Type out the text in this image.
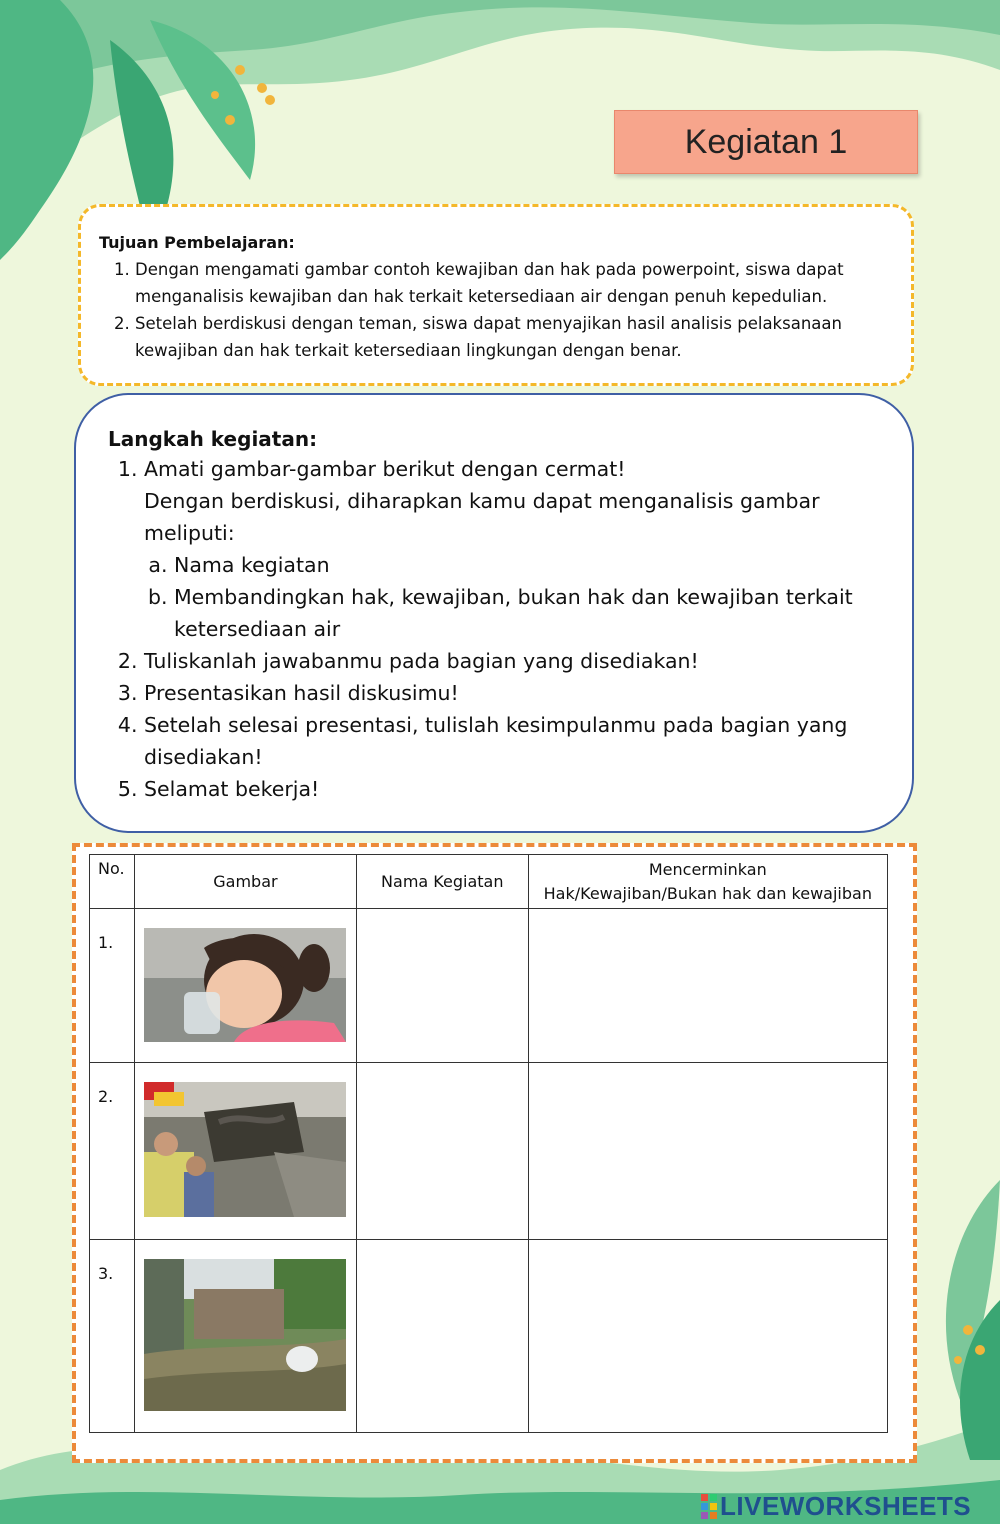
Kegiatan 1
Tujuan Pembelajaran:
1. Dengan mengamati gambar contoh kewajiban dan hak pada powerpoint, siswa dapat menganalisis kewajiban dan hak terkait ketersediaan air dengan penuh kepedulian.
2. Setelah berdiskusi dengan teman, siswa dapat menyajikan hasil analisis pelaksanaan kewajiban dan hak terkait ketersediaan lingkungan dengan benar.
Langkah kegiatan:
1. Amati gambar-gambar berikut dengan cermat!
Dengan berdiskusi, diharapkan kamu dapat menganalisis gambar meliputi:
a. Nama kegiatan
b. Membandingkan hak, kewajiban, bukan hak dan kewajiban terkait ketersediaan air
2. Tuliskanlah jawabanmu pada bagian yang disediakan!
3. Presentasikan hasil diskusimu!
4. Setelah selesai presentasi, tulislah kesimpulanmu pada bagian yang disediakan!
5. Selamat bekerja!
No.	Gambar	Nama Kegiatan	Mencerminkan
Hak/Kewajiban/Bukan hak dan kewajiban

1.	

2.	

3.	

LIVEWORKSHEETS
